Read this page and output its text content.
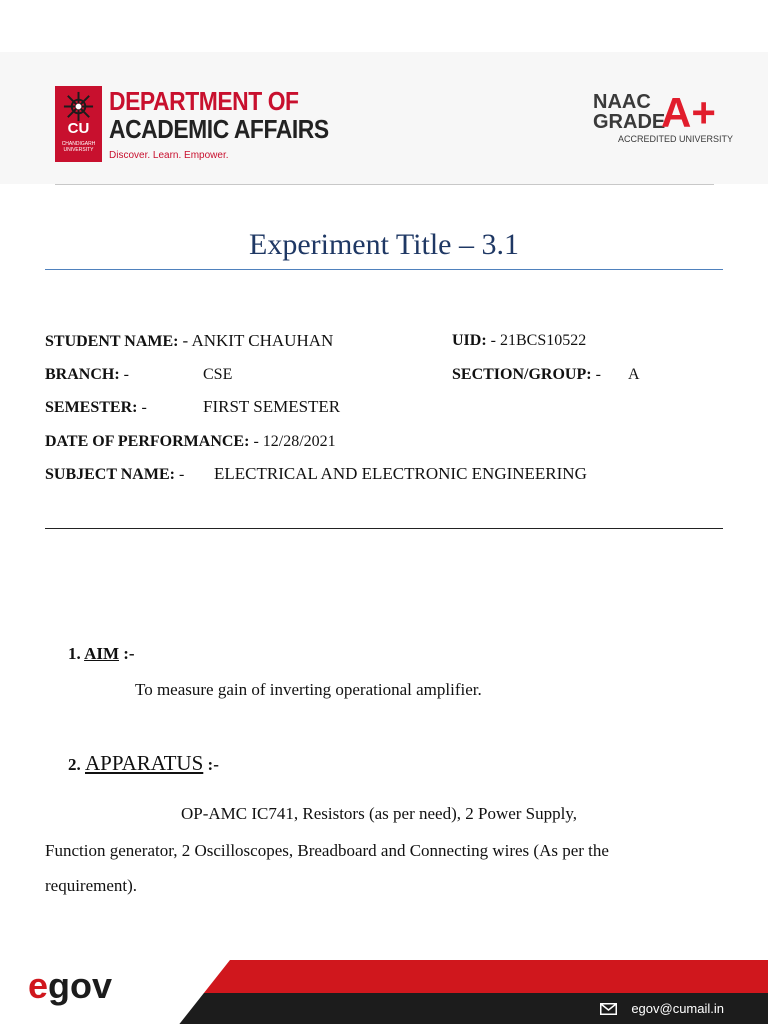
CU
CHANDIGARH UNIVERSITY
DEPARTMENT OF
ACADEMIC AFFAIRS
Discover. Learn. Empower.
NAAC
GRADE
A+
ACCREDITED UNIVERSITY
Experiment Title – 3.1
STUDENT NAME: - ANKIT CHAUHAN	UID: - 21BCS10522
BRANCH: -	CSE	SECTION/GROUP: - A
SEMESTER: -	FIRST SEMESTER
DATE OF PERFORMANCE: - 12/28/2021
SUBJECT NAME: - ELECTRICAL AND ELECTRONIC ENGINEERING
1. AIM :-
To measure gain of inverting operational amplifier.
2. APPARATUS :-
OP-AMC IC741, Resistors (as per need), 2 Power Supply,
Function generator, 2 Oscilloscopes, Breadboard and Connecting wires (As per the
requirement).
egov
egov@cumail.in
